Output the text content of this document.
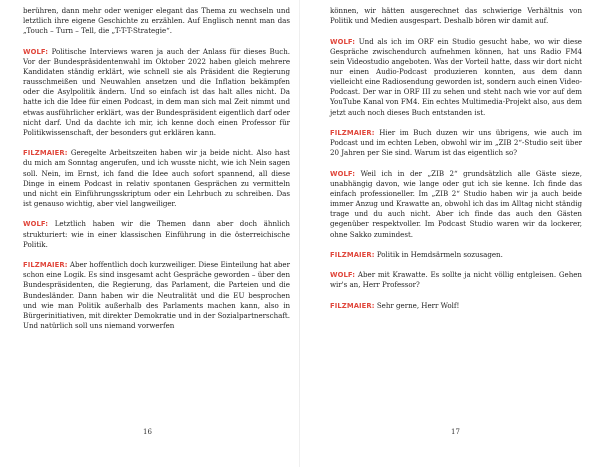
berühren, dann mehr oder weniger elegant das Thema zu wechseln und letztlich ihre eigene Geschichte zu erzählen. Auf Englisch nennt man das „Touch – Turn – Tell, die „T-T-T-Strategie“.

WOLF: Politische Interviews waren ja auch der Anlass für dieses Buch. Vor der Bundespräsidentenwahl im Oktober 2022 haben gleich mehrere Kandidaten ständig erklärt, wie schnell sie als Präsident die Regierung rausschmeißen und Neuwahlen ansetzen und die Inflation bekämpfen oder die Asylpolitik ändern. Und so einfach ist das halt alles nicht. Da hatte ich die Idee für einen Podcast, in dem man sich mal Zeit nimmt und etwas ausführlicher erklärt, was der Bundespräsident eigentlich darf oder nicht darf. Und da dachte ich mir, ich kenne doch einen Professor für Politikwissenschaft, der besonders gut erklären kann.

FILZMAIER: Geregelte Arbeitszeiten haben wir ja beide nicht. Also hast du mich am Sonntag angerufen, und ich wusste nicht, wie ich Nein sagen soll. Nein, im Ernst, ich fand die Idee auch sofort spannend, all diese Dinge in einem Podcast in relativ spontanen Gesprächen zu vermitteln und nicht ein Einführungsskriptum oder ein Lehrbuch zu schreiben. Das ist genauso wichtig, aber viel langweiliger.

WOLF: Letztlich haben wir die Themen dann aber doch ähnlich strukturiert: wie in einer klassischen Einführung in die österreichische Politik.

FILZMAIER: Aber hoffentlich doch kurzweiliger. Diese Einteilung hat aber schon eine Logik. Es sind insgesamt acht Gespräche geworden – über den Bundespräsidenten, die Regierung, das Parlament, die Parteien und die Bundesländer. Dann haben wir die Neutralität und die EU besprochen und wie man Politik außerhalb des Parlaments machen kann, also in Bürgerinitiativen, mit direkter Demokratie und in der Sozialpartnerschaft. Und natürlich soll uns niemand vorwerfen

16

können, wir hätten ausgerechnet das schwierige Verhältnis von Politik und Medien ausgespart. Deshalb bören wir damit auf.

WOLF: Und als ich im ORF ein Studio gesucht habe, wo wir diese Gespräche zwischendurch aufnehmen können, hat uns Radio FM4 sein Videostudio angeboten. Was der Vorteil hatte, dass wir dort nicht nur einen Audio-Podcast produzieren konnten, aus dem dann vielleicht eine Radiosendung geworden ist, sondern auch einen Video-Podcast. Der war in ORF III zu sehen und steht nach wie vor auf dem YouTube Kanal von FM4. Ein echtes Multimedia-Projekt also, aus dem jetzt auch noch dieses Buch entstanden ist.

FILZMAIER: Hier im Buch duzen wir uns übrigens, wie auch im Podcast und im echten Leben, obwohl wir im „ZIB 2“-Studio seit über 20 Jahren per Sie sind. Warum ist das eigentlich so?

WOLF: Weil ich in der „ZIB 2“ grundsätzlich alle Gäste sieze, unabhängig davon, wie lange oder gut ich sie kenne. Ich finde das einfach professioneller. Im „ZIB 2“ Studio haben wir ja auch beide immer Anzug und Krawatte an, obwohl ich das im Alltag nicht ständig trage und du auch nicht. Aber ich finde das auch den Gästen gegenüber respektvoller. Im Podcast Studio waren wir da lockerer, ohne Sakko zumindest.

FILZMAIER: Politik in Hemdsärmeln sozusagen.

WOLF: Aber mit Krawatte. Es sollte ja nicht völlig entgleisen. Gehen wir's an, Herr Professor?

FILZMAIER: Sehr gerne, Herr Wolf!

17
